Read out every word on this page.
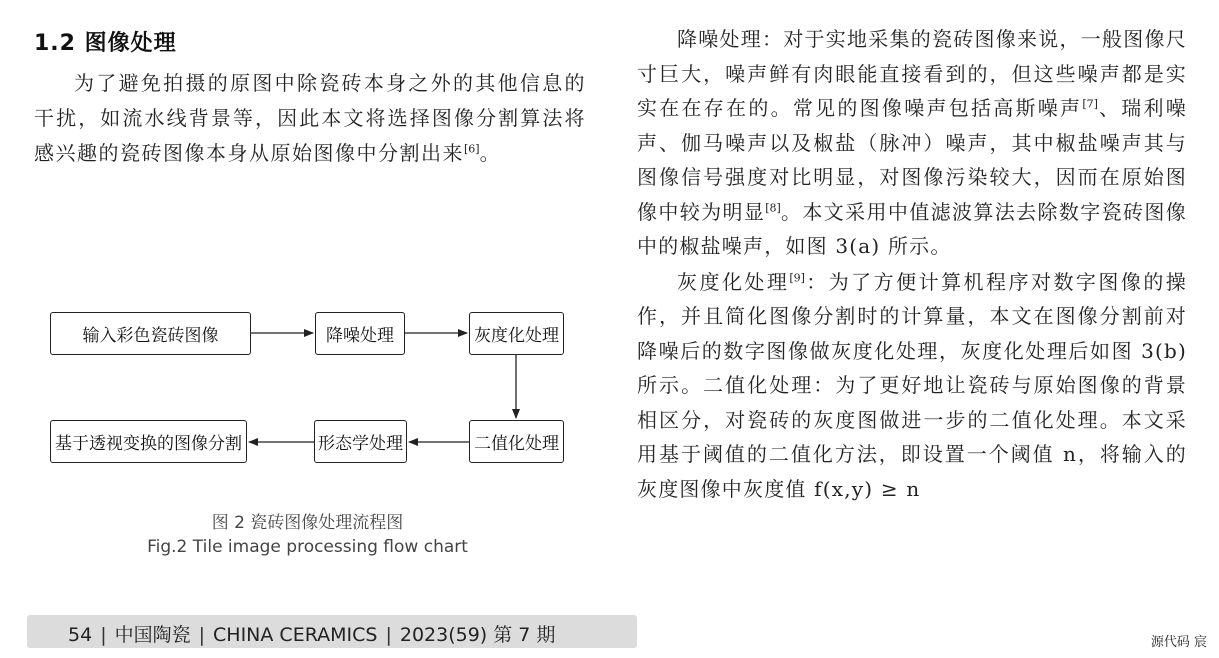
1.2 图像处理

为了避免拍摄的原图中除瓷砖本身之外的其他信息的干扰，如流水线背景等，因此本文将选择图像分割算法将感兴趣的瓷砖图像本身从原始图像中分割出来[6]。

输入彩色瓷砖图像	降噪处理	灰度化处理
二值化处理
形态学处理
基于透视变换的图像分割
图 2 瓷砖图像处理流程图
Fig.2 Tile image processing flow chart

降噪处理：对于实地采集的瓷砖图像来说，一般图像尺寸巨大，噪声鲜有肉眼能直接看到的，但这些噪声都是实实在在存在的。常见的图像噪声包括高斯噪声[7]、瑞利噪声、伽马噪声以及椒盐（脉冲）噪声，其中椒盐噪声其与图像信号强度对比明显，对图像污染较大，因而在原始图像中较为明显[8]。本文采用中值滤波算法去除数字瓷砖图像中的椒盐噪声，如图 3(a) 所示。

灰度化处理[9]：为了方便计算机程序对数字图像的操作，并且简化图像分割时的计算量，本文在图像分割前对降噪后的数字图像做灰度化处理，灰度化处理后如图 3(b) 所示。二值化处理：为了更好地让瓷砖与原始图像的背景相区分，对瓷砖的灰度图做进一步的二值化处理。本文采用基于阈值的二值化方法，即设置一个阈值 n，将输入的灰度图像中灰度值 f(x,y) ≥ n

54 | 中国陶瓷 | CHINA CERAMICS | 2023(59) 第 7 期	源代码 宸
